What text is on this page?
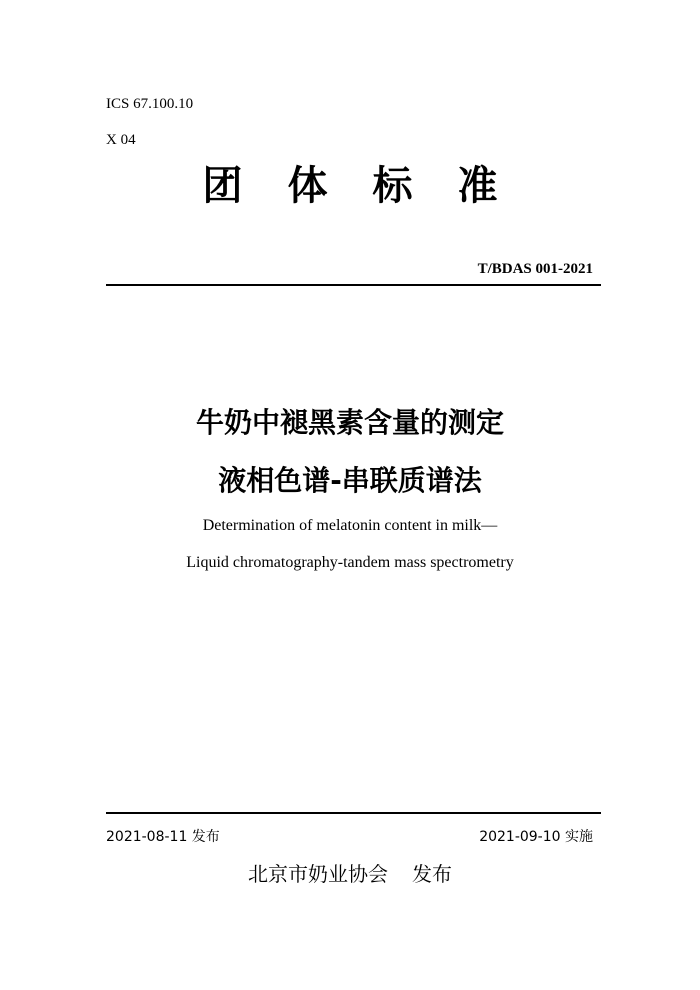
ICS 67.100.10
X 04
团体标准
T/BDAS 001-2021
牛奶中褪黑素含量的测定
液相色谱-串联质谱法
Determination of melatonin content in milk—
Liquid chromatography-tandem mass spectrometry
2021-08-11 发布	2021-09-10 实施
北京市奶业协会 发布
